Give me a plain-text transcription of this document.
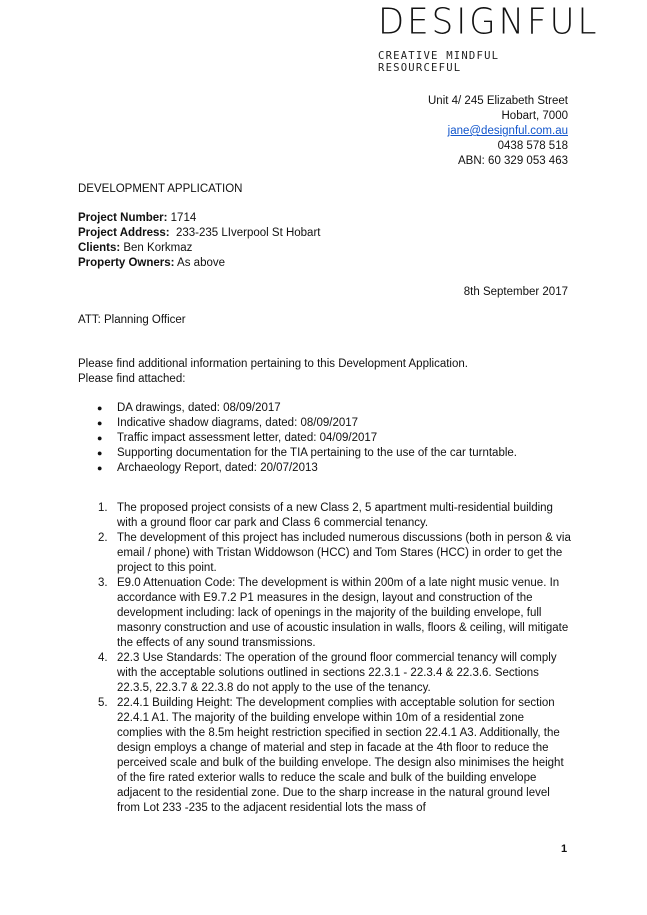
DESIGNFUL
CREATIVE MINDFUL RESOURCEFUL
Unit 4/ 245 Elizabeth Street
Hobart, 7000
jane@designful.com.au
0438 578 518
ABN: 60 329 053 463
DEVELOPMENT APPLICATION
Project Number: 1714
Project Address:  233-235 LIverpool St Hobart
Clients: Ben Korkmaz
Property Owners: As above
8th September 2017
ATT: Planning Officer
Please find additional information pertaining to this Development Application.
Please find attached:
● DA drawings, dated: 08/09/2017
● Indicative shadow diagrams, dated: 08/09/2017
● Traffic impact assessment letter, dated: 04/09/2017
● Supporting documentation for the TIA pertaining to the use of the car turntable.
● Archaeology Report, dated: 20/07/2013
1. The proposed project consists of a new Class 2, 5 apartment multi-residential building with a ground floor car park and Class 6 commercial tenancy.
2. The development of this project has included numerous discussions (both in person & via email / phone) with Tristan Widdowson (HCC) and Tom Stares (HCC) in order to get the project to this point.
3. E9.0 Attenuation Code: The development is within 200m of a late night music venue. In accordance with E9.7.2 P1 measures in the design, layout and construction of the development including: lack of openings in the majority of the building envelope, full masonry construction and use of acoustic insulation in walls, floors & ceiling, will mitigate the effects of any sound transmissions.
4. 22.3 Use Standards: The operation of the ground floor commercial tenancy will comply with the acceptable solutions outlined in sections 22.3.1 - 22.3.4 & 22.3.6. Sections 22.3.5, 22.3.7 & 22.3.8 do not apply to the use of the tenancy.
5. 22.4.1 Building Height: The development complies with acceptable solution for section 22.4.1 A1. The majority of the building envelope within 10m of a residential zone complies with the 8.5m height restriction specified in section 22.4.1 A3. Additionally, the design employs a change of material and step in facade at the 4th floor to reduce the perceived scale and bulk of the building envelope. The design also minimises the height of the fire rated exterior walls to reduce the scale and bulk of the building envelope adjacent to the residential zone. Due to the sharp increase in the natural ground level from Lot 233 -235 to the adjacent residential lots the mass of
1
